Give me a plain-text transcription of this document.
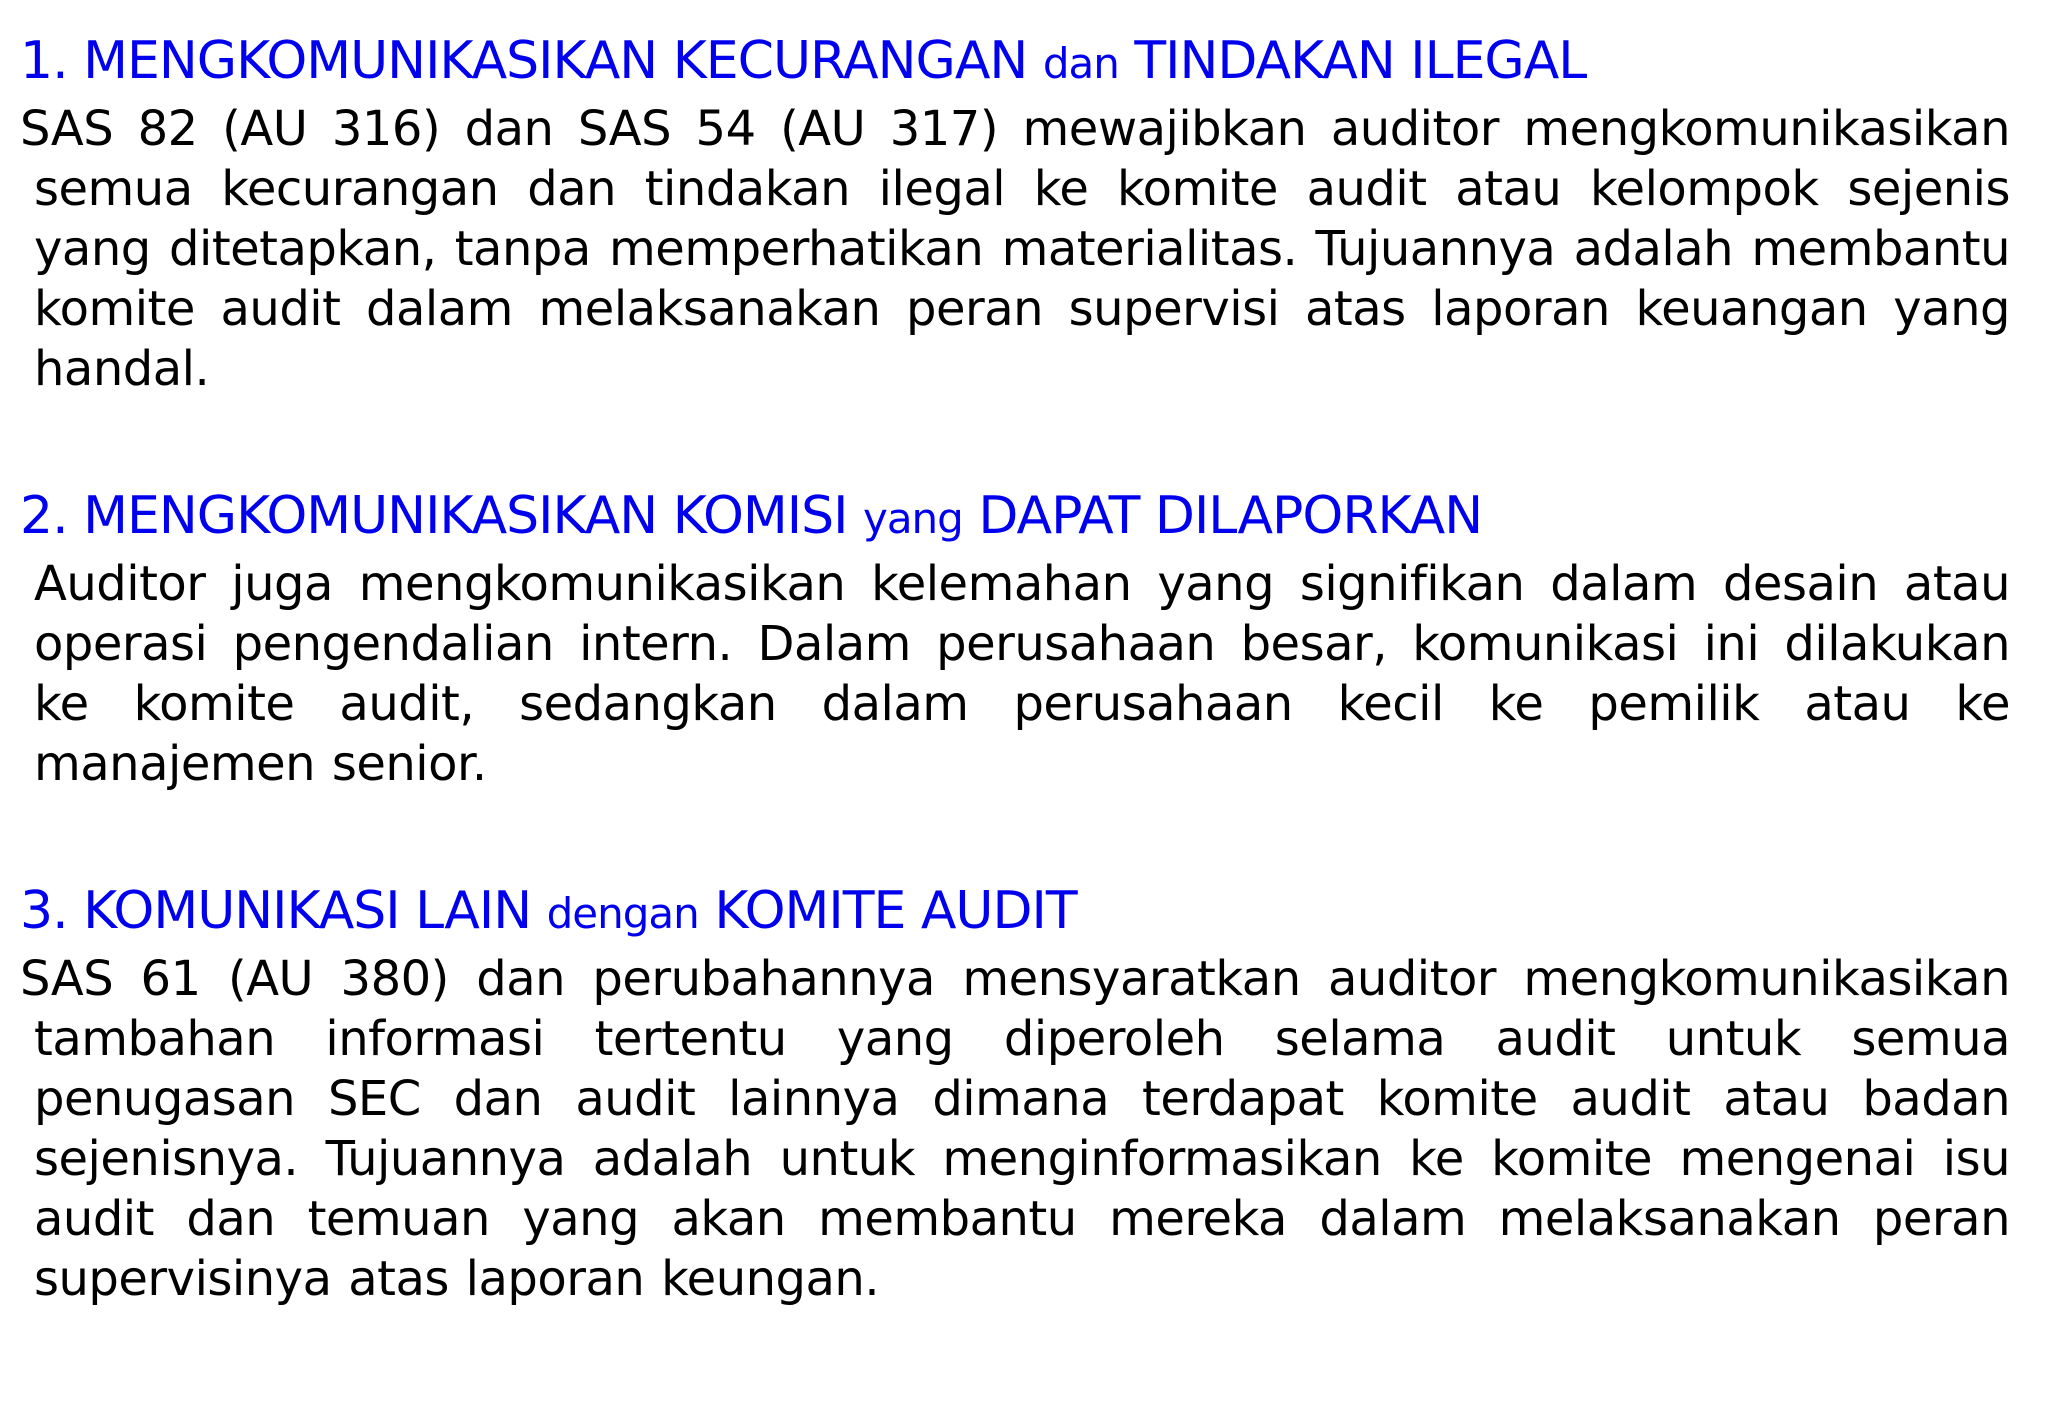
1. MENGKOMUNIKASIKAN KECURANGAN dan TINDAKAN ILEGAL

SAS 82 (AU 316) dan SAS 54 (AU 317) mewajibkan auditor mengkomunikasikan semua kecurangan dan tindakan ilegal ke komite audit atau kelompok sejenis yang ditetapkan, tanpa memperhatikan materialitas. Tujuannya adalah membantu komite audit dalam melaksanakan peran supervisi atas laporan keuangan yang handal.

2. MENGKOMUNIKASIKAN KOMISI yang DAPAT DILAPORKAN

Auditor juga mengkomunikasikan kelemahan yang signifikan dalam desain atau operasi pengendalian intern. Dalam perusahaan besar, komunikasi ini dilakukan ke komite audit, sedangkan dalam perusahaan kecil ke pemilik atau ke manajemen senior.

3. KOMUNIKASI LAIN dengan KOMITE AUDIT

SAS 61 (AU 380) dan perubahannya mensyaratkan auditor mengkomunikasikan tambahan informasi tertentu yang diperoleh selama audit untuk semua penugasan SEC dan audit lainnya dimana terdapat komite audit atau badan sejenisnya. Tujuannya adalah untuk menginformasikan ke komite mengenai isu audit dan temuan yang akan membantu mereka dalam melaksanakan peran supervisinya atas laporan keungan.
